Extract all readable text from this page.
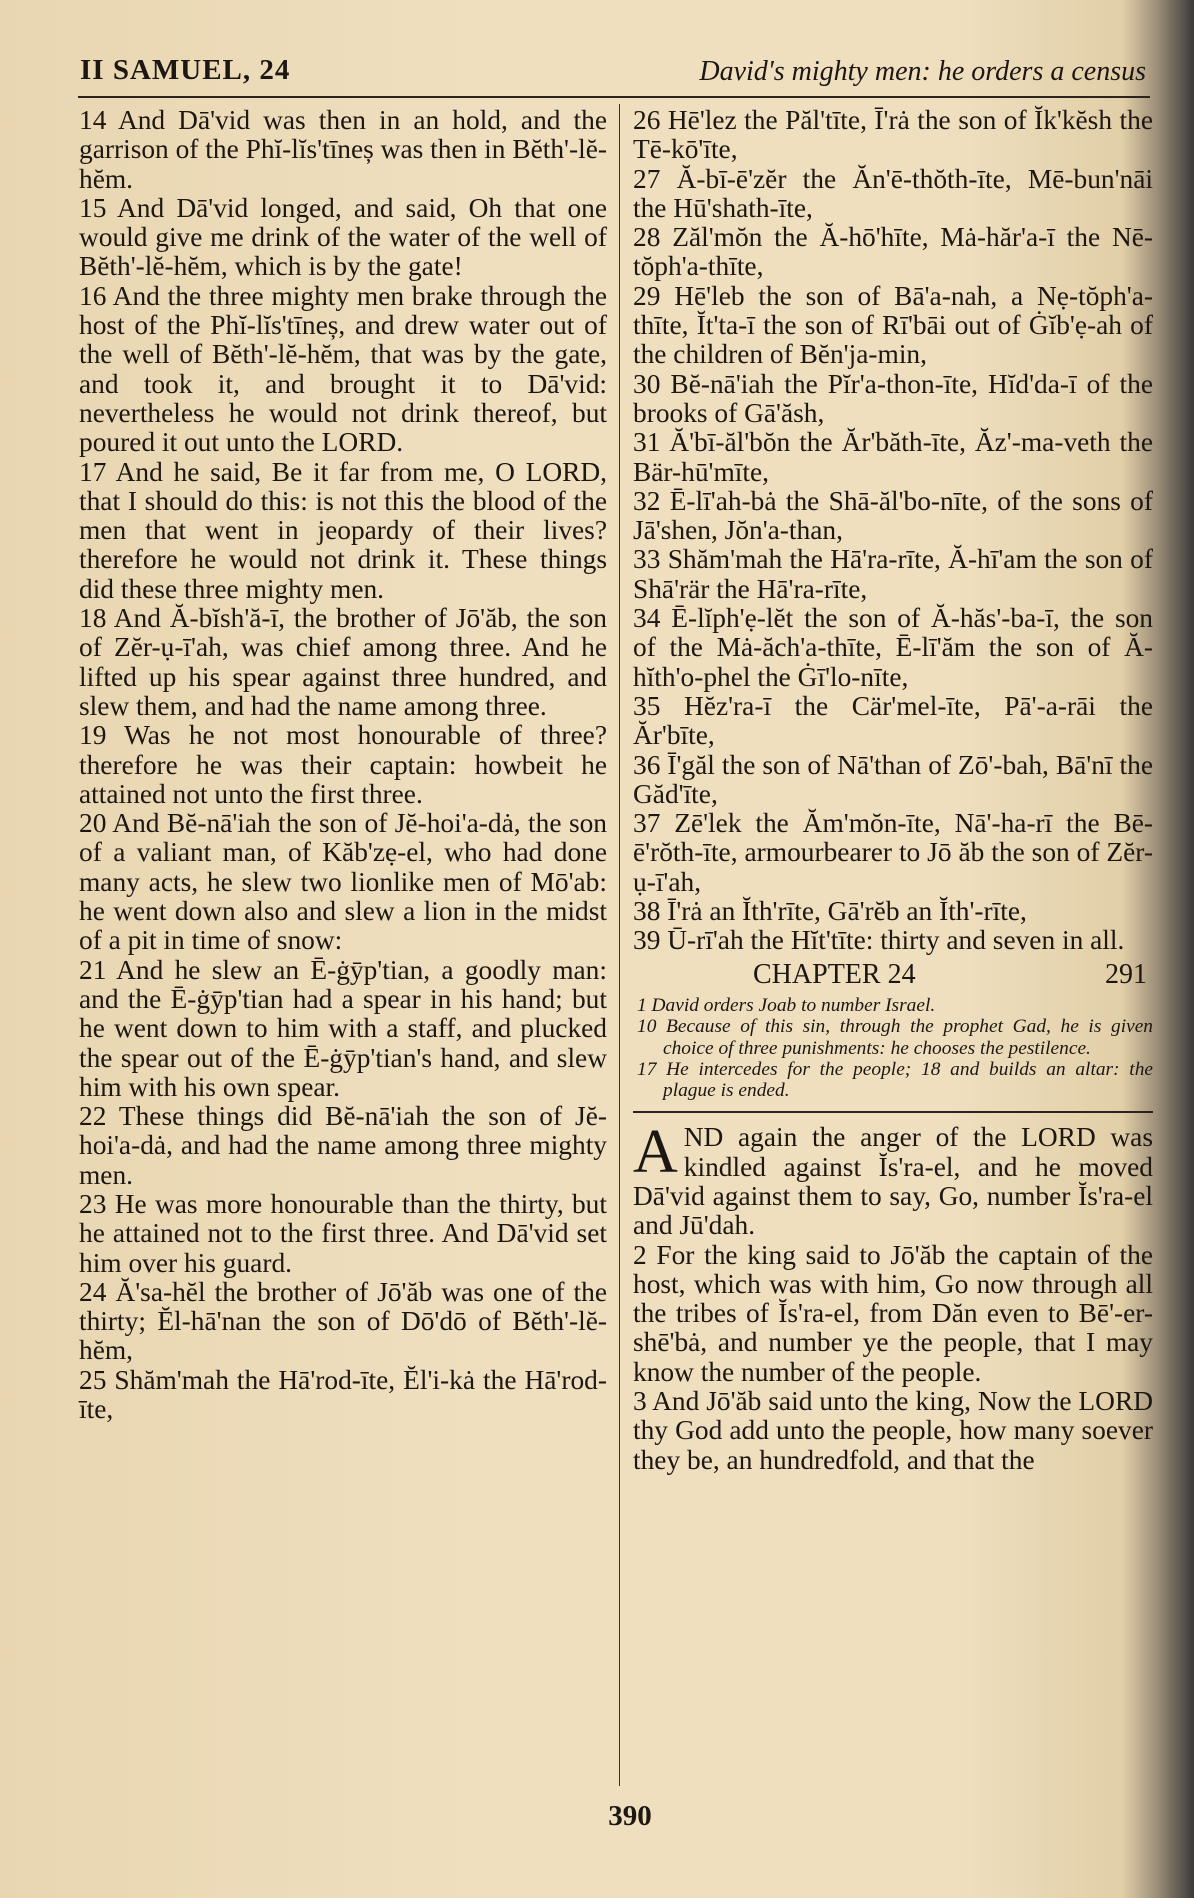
II SAMUEL, 24	David's mighty men: he orders a census

14 And Dā'vid was then in an hold, and the garrison of the Phĭ-lĭs'tīneș was then in Bĕth'-lĕ-hĕm.

15 And Dā'vid longed, and said, Oh that one would give me drink of the water of the well of Bĕth'-lĕ-hĕm, which is by the gate!

16 And the three mighty men brake through the host of the Phĭ-lĭs'tīneș, and drew water out of the well of Bĕth'-lĕ-hĕm, that was by the gate, and took it, and brought it to Dā'vid: nevertheless he would not drink thereof, but poured it out unto the LORD.

17 And he said, Be it far from me, O LORD, that I should do this: is not this the blood of the men that went in jeopardy of their lives? therefore he would not drink it. These things did these three mighty men.

18 And Ă-bĭsh'ă-ī, the brother of Jō'ăb, the son of Zĕr-ụ-ī'ah, was chief among three. And he lifted up his spear against three hundred, and slew them, and had the name among three.

19 Was he not most honourable of three? therefore he was their captain: howbeit he attained not unto the first three.

20 And Bĕ-nā'iah the son of Jĕ-hoi'a-dȧ, the son of a valiant man, of Kăb'zẹ-el, who had done many acts, he slew two lionlike men of Mō'ab: he went down also and slew a lion in the midst of a pit in time of snow:

21 And he slew an Ē-ġȳp'tian, a goodly man: and the Ē-ġȳp'tian had a spear in his hand; but he went down to him with a staff, and plucked the spear out of the Ē-ġȳp'tian's hand, and slew him with his own spear.

22 These things did Bĕ-nā'iah the son of Jĕ-hoi'a-dȧ, and had the name among three mighty men.

23 He was more honourable than the thirty, but he attained not to the first three. And Dā'vid set him over his guard.

24 Ă'sa-hĕl the brother of Jō'ăb was one of the thirty; Ĕl-hā'nan the son of Dō'dō of Bĕth'-lĕ-hĕm,

25 Shăm'mah the Hā'rod-īte, Ĕl'i-kȧ the Hā'rod-īte,

26 Hē'lez the Păl'tīte, Ī'rȧ the son of Ĭk'kĕsh the Tē-kō'īte,

27 Ă-bī-ē'zĕr the Ăn'ē-thŏth-īte, Mē-bun'nāi the Hū'shath-īte,

28 Zăl'mŏn the Ă-hō'hīte, Mȧ-hăr'a-ī the Nē-tŏph'a-thīte,

29 Hē'leb the son of Bā'a-nah, a Nẹ-tŏph'a-thīte, Ĭt'ta-ī the son of Rī'bāi out of Ġĭb'ẹ-ah of the children of Bĕn'ja-min,

30 Bĕ-nā'iah the Pĭr'a-thon-īte, Hĭd'da-ī of the brooks of Gā'ăsh,

31 Ă'bī-ăl'bŏn the Ăr'băth-īte, Ăz'-ma-veth the Bär-hū'mīte,

32 Ē-lī'ah-bȧ the Shā-ăl'bo-nīte, of the sons of Jā'shen, Jŏn'a-than,

33 Shăm'mah the Hā'ra-rīte, Ă-hī'am the son of Shā'rär the Hā'ra-rīte,

34 Ē-lĭph'ẹ-lĕt the son of Ă-hăs'-ba-ī, the son of the Mȧ-ăch'a-thīte, Ē-lī'ăm the son of Ă-hĭth'o-phel the Ġī'lo-nīte,

35 Hĕz'ra-ī the Cär'mel-īte, Pā'-a-rāi the Ăr'bīte,

36 Ī'găl the son of Nā'than of Zō'-bah, Bā'nī the Găd'īte,

37 Zē'lek the Ăm'mŏn-īte, Nā'-ha-rī the Bē-ē'rŏth-īte, armourbearer to Jō ăb the son of Zĕr-ụ-ī'ah,

38 Ī'rȧ an Ĭth'rīte, Gā'rĕb an Ĭth'-rīte,

39 Ū-rī'ah the Hĭt'tīte: thirty and seven in all.

CHAPTER 24	291

1 David orders Joab to number Israel.

10 Because of this sin, through the prophet Gad, he is given choice of three punishments: he chooses the pestilence.

17 He intercedes for the people; 18 and builds an altar: the plague is ended.

AND again the anger of the LORD was kindled against Ĭs'ra-el, and he moved Dā'vid against them to say, Go, number Ĭs'ra-el and Jū'dah.

2 For the king said to Jō'ăb the captain of the host, which was with him, Go now through all the tribes of Ĭs'ra-el, from Dăn even to Bē'-er-shē'bȧ, and number ye the people, that I may know the number of the people.

3 And Jō'ăb said unto the king, Now the LORD thy God add unto the people, how many soever they be, an hundredfold, and that the

390
